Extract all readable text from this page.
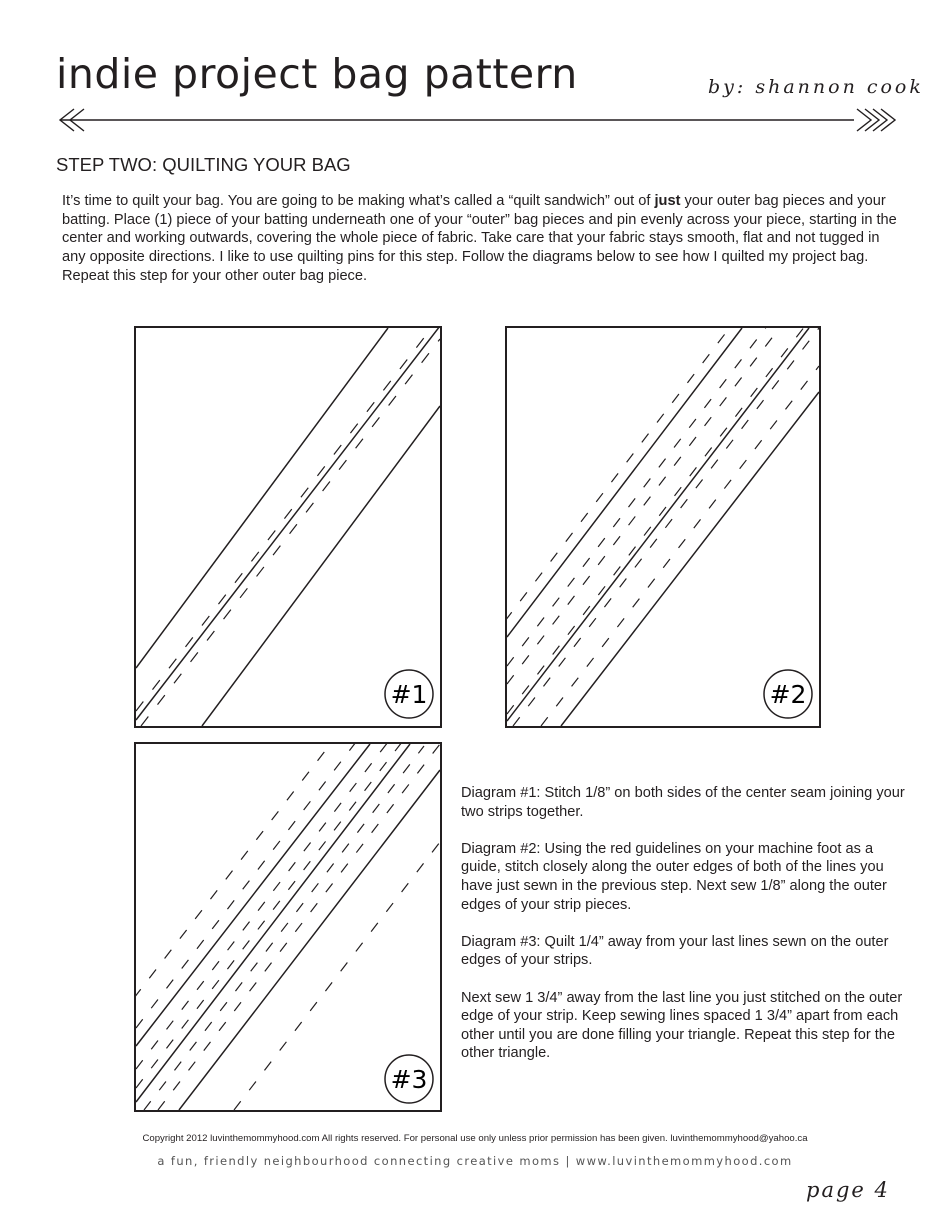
indie project bag pattern	by: shannon cook
STEP TWO: QUILTING YOUR BAG

It’s time to quilt your bag. You are going to be making what’s called a “quilt sandwich” out of just your outer bag pieces and your batting. Place (1) piece of your batting underneath one of your “outer” bag pieces and pin evenly across your piece, starting in the center and working outwards, covering the whole piece of fabric. Take care that your fabric stays smooth, flat and not tugged in any opposite directions. I like to use quilting pins for this step. Follow the diagrams below to see how I quilted my project bag. Repeat this step for your other outer bag piece.

#1	#2
#3

Diagram #1: Stitch 1/8” on both sides of the center seam joining your two strips together.

Diagram #2: Using the red guidelines on your machine foot as a guide, stitch closely along the outer edges of both of the lines you have just sewn in the previous step. Next sew 1/8” along the outer edges of your strip pieces.

Diagram #3: Quilt 1/4” away from your last lines sewn on the outer edges of your strips.

Next sew 1 3/4” away from the last line you just stitched on the outer edge of your strip. Keep sewing lines spaced 1 3/4” apart from each other until you are done filling your triangle. Repeat this step for the other triangle.

Copyright 2012 luvinthemommyhood.com All rights reserved. For personal use only unless prior permission has been given. luvinthemommyhood@yahoo.ca
a fun, friendly neighbourhood connecting creative moms | www.luvinthemommyhood.com
page 4
